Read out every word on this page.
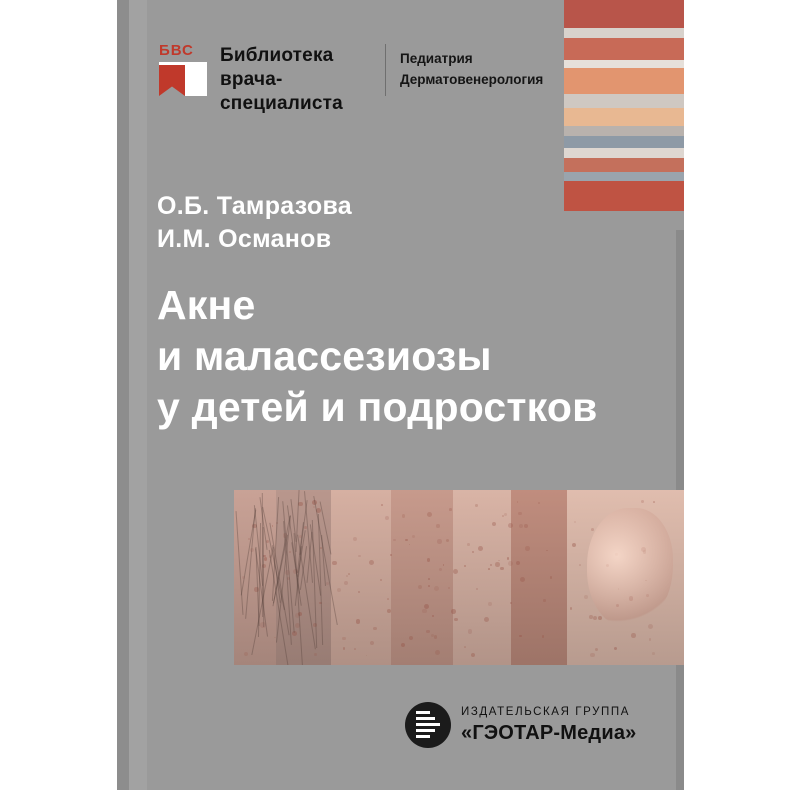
БВС Библиотека
врача-специалиста
Педиатрия
Дерматовенерология
О.Б. Тамразова
И.М. Османов
Акне
и малассезиозы
у детей и подростков
ИЗДАТЕЛЬСКАЯ ГРУППА
«ГЭОТАР-Медиа»
